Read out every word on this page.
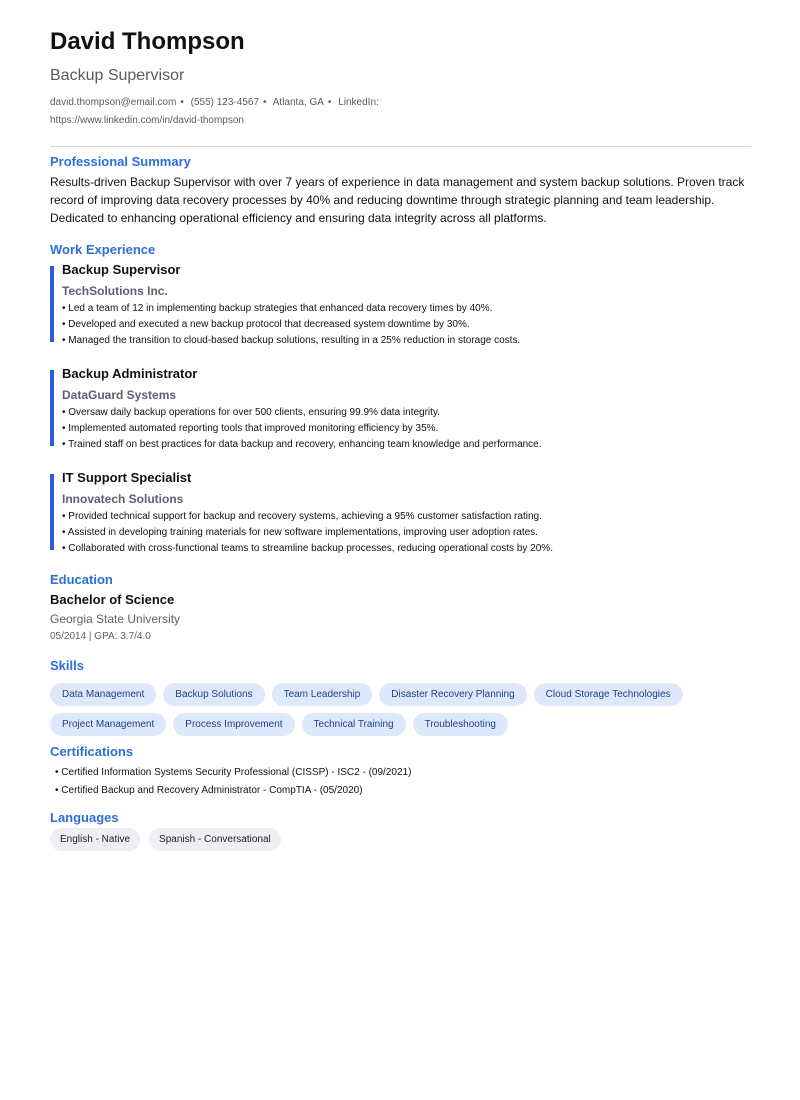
David Thompson
Backup Supervisor
david.thompson@email.com • (555) 123-4567 • Atlanta, GA • LinkedIn:
https://www.linkedin.com/in/david-thompson
Professional Summary
Results-driven Backup Supervisor with over 7 years of experience in data management and system backup solutions. Proven track record of improving data recovery processes by 40% and reducing downtime through strategic planning and team leadership. Dedicated to enhancing operational efficiency and ensuring data integrity across all platforms.
Work Experience
Backup Supervisor
TechSolutions Inc.
• Led a team of 12 in implementing backup strategies that enhanced data recovery times by 40%.
• Developed and executed a new backup protocol that decreased system downtime by 30%.
• Managed the transition to cloud-based backup solutions, resulting in a 25% reduction in storage costs.
Backup Administrator
DataGuard Systems
• Oversaw daily backup operations for over 500 clients, ensuring 99.9% data integrity.
• Implemented automated reporting tools that improved monitoring efficiency by 35%.
• Trained staff on best practices for data backup and recovery, enhancing team knowledge and performance.
IT Support Specialist
Innovatech Solutions
• Provided technical support for backup and recovery systems, achieving a 95% customer satisfaction rating.
• Assisted in developing training materials for new software implementations, improving user adoption rates.
• Collaborated with cross-functional teams to streamline backup processes, reducing operational costs by 20%.
Education
Bachelor of Science
Georgia State University
05/2014 | GPA: 3.7/4.0
Skills
Data Management	Backup Solutions	Team Leadership	Disaster Recovery Planning	Cloud Storage Technologies
Project Management	Process Improvement	Technical Training	Troubleshooting
Certifications
• Certified Information Systems Security Professional (CISSP) - ISC2 - (09/2021)
• Certified Backup and Recovery Administrator - CompTIA - (05/2020)
Languages
English - Native	Spanish - Conversational
